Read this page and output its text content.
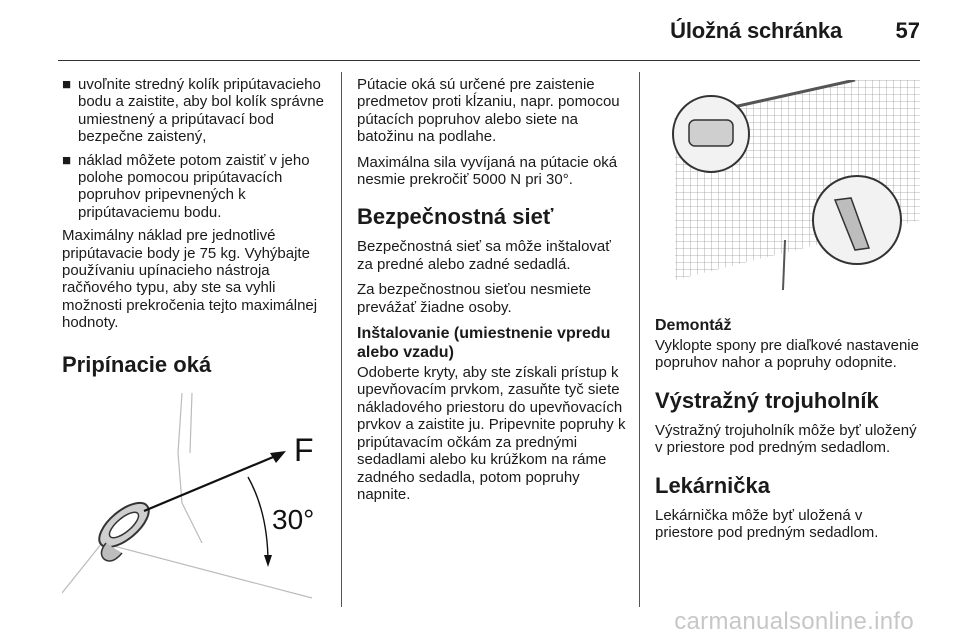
Úložná schránka 57
■ uvoľnite stredný kolík pripútavacieho bodu a zaistite, aby bol kolík správne umiestnený a pripútavací bod bezpečne zaistený,
■ náklad môžete potom zaistiť v jeho polohe pomocou pripútavacích popruhov pripevnených k pripútavaciemu bodu.

Maximálny náklad pre jednotlivé pripútavacie body je 75 kg. Vyhýbajte používaniu upínacieho nástroja račňového typu, aby ste sa vyhli možnosti prekročenia tejto maximálnej hodnoty.

Pripínacie oká
F
30°

Pútacie oká sú určené pre zaistenie predmetov proti kĺzaniu, napr. pomocou pútacích popruhov alebo siete na batožinu na podlahe.

Maximálna sila vyvíjaná na pútacie oká nesmie prekročiť 5000 N pri 30°.

Bezpečnostná sieť

Bezpečnostná sieť sa môže inštalovať za predné alebo zadné sedadlá.

Za bezpečnostnou sieťou nesmiete prevážať žiadne osoby.

Inštalovanie (umiestnenie vpredu alebo vzadu)

Odoberte kryty, aby ste získali prístup k upevňovacím prvkom, zasuňte tyč siete nákladového priestoru do upevňovacích prvkov a zaistite ju. Pripevnite popruhy k pripútavacím očkám za prednými sedadlami alebo ku krúžkom na ráme zadného sedadla, potom popruhy napnite.

Demontáž

Vyklopte spony pre diaľkové nastavenie popruhov nahor a popruhy odopnite.

Výstražný trojuholník

Výstražný trojuholník môže byť uložený v priestore pod predným sedadlom.

Lekárnička

Lekárnička môže byť uložená v priestore pod predným sedadlom.

carmanualsonline.info
